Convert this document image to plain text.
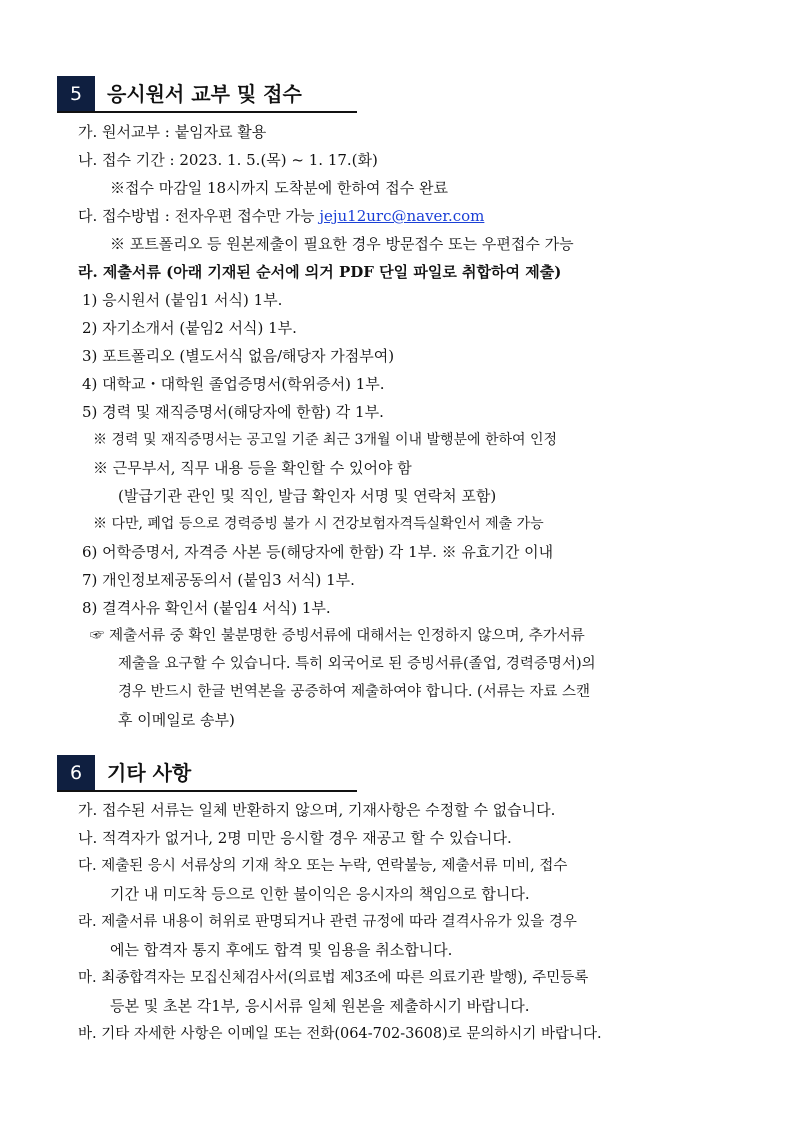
5	응시원서 교부 및 접수
가. 원서교부 : 붙임자료 활용
나. 접수 기간 : 2023. 1. 5.(목) ~ 1. 17.(화)
※접수 마감일 18시까지 도착분에 한하여 접수 완료
다. 접수방법 : 전자우편 접수만 가능 jeju12urc@naver.com
※ 포트폴리오 등 원본제출이 필요한 경우 방문접수 또는 우편접수 가능
라. 제출서류 (아래 기재된 순서에 의거 PDF 단일 파일로 취합하여 제출)
1) 응시원서 (붙임1 서식) 1부.
2) 자기소개서 (붙임2 서식) 1부.
3) 포트폴리오 (별도서식 없음/해당자 가점부여)
4) 대학교・대학원 졸업증명서(학위증서) 1부.
5) 경력 및 재직증명서(해당자에 한함) 각 1부.
※ 경력 및 재직증명서는 공고일 기준 최근 3개월 이내 발행분에 한하여 인정
※ 근무부서, 직무 내용 등을 확인할 수 있어야 함
(발급기관 관인 및 직인, 발급 확인자 서명 및 연락처 포함)
※ 다만, 폐업 등으로 경력증빙 불가 시 건강보험자격득실확인서 제출 가능
6) 어학증명서, 자격증 사본 등(해당자에 한함) 각 1부. ※ 유효기간 이내
7) 개인정보제공동의서 (붙임3 서식) 1부.
8) 결격사유 확인서 (붙임4 서식) 1부.
☞ 제출서류 중 확인 불분명한 증빙서류에 대해서는 인정하지 않으며, 추가서류
제출을 요구할 수 있습니다. 특히 외국어로 된 증빙서류(졸업, 경력증명서)의
경우 반드시 한글 번역본을 공증하여 제출하여야 합니다. (서류는 자료 스캔
후 이메일로 송부)
6	기타 사항
가. 접수된 서류는 일체 반환하지 않으며, 기재사항은 수정할 수 없습니다.
나. 적격자가 없거나, 2명 미만 응시할 경우 재공고 할 수 있습니다.
다. 제출된 응시 서류상의 기재 착오 또는 누락, 연락불능, 제출서류 미비, 접수
기간 내 미도착 등으로 인한 불이익은 응시자의 책임으로 합니다.
라. 제출서류 내용이 허위로 판명되거나 관련 규정에 따라 결격사유가 있을 경우
에는 합격자 통지 후에도 합격 및 임용을 취소합니다.
마. 최종합격자는 모집신체검사서(의료법 제3조에 따른 의료기관 발행), 주민등록
등본 및 초본 각1부, 응시서류 일체 원본을 제출하시기 바랍니다.
바. 기타 자세한 사항은 이메일 또는 전화(064-702-3608)로 문의하시기 바랍니다.
